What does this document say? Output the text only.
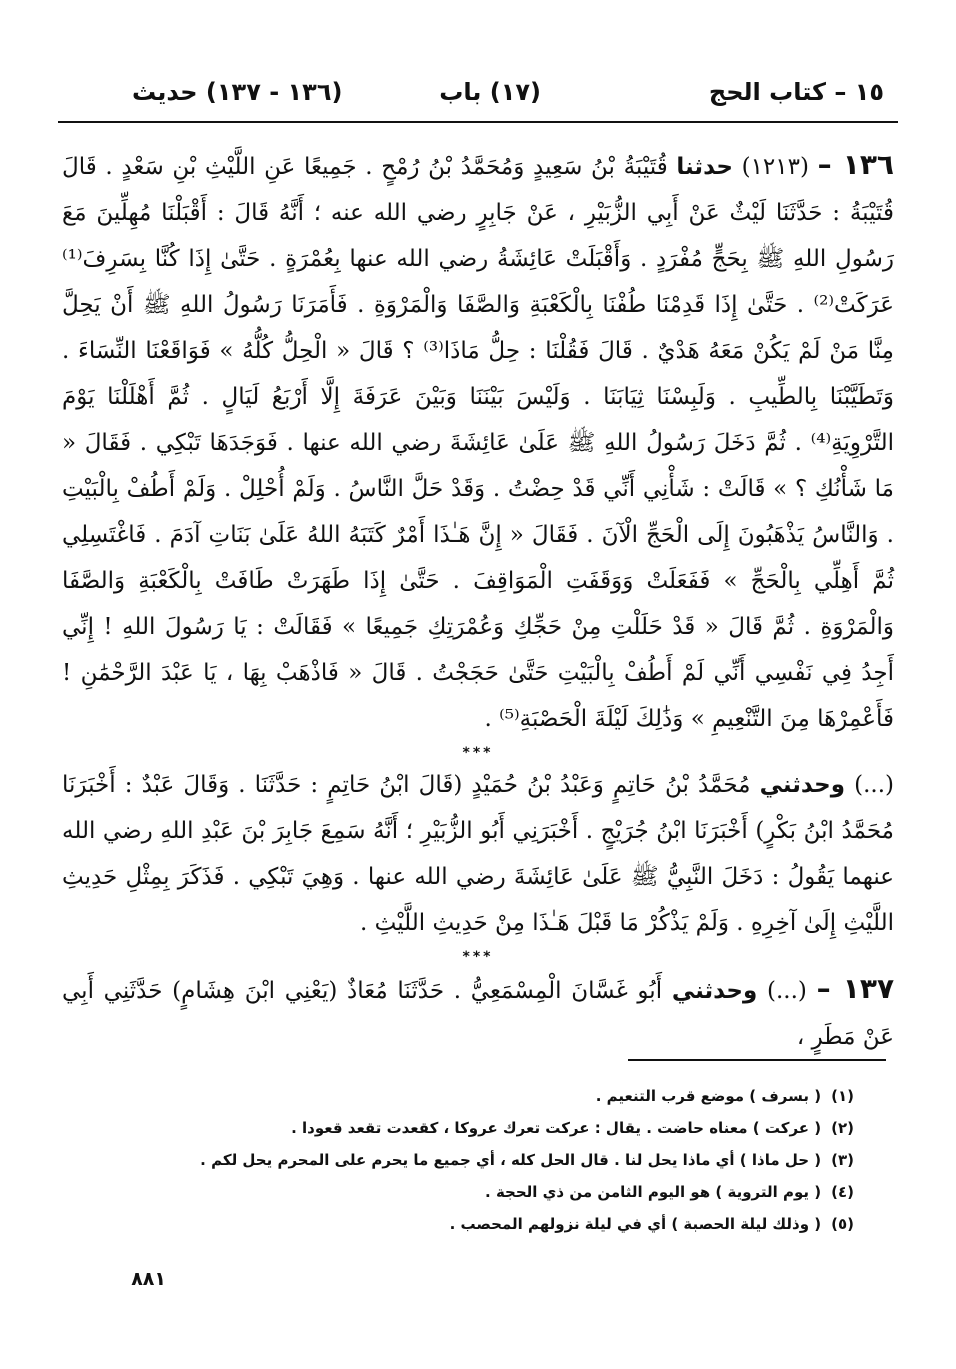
١٥ – كتاب الحج
(١٧) باب
(١٣٦ - ١٣٧) حديث

١٣٦ – (١٢١٣) حدثنا قُتَيْبَةُ بْنُ سَعِيدٍ وَمُحَمَّدُ بْنُ رُمْحٍ . جَمِيعًا عَنِ اللَّيْثِ بْنِ سَعْدٍ . قَالَ قُتَيْبَةُ : حَدَّثَنَا لَيْثٌ عَنْ أَبِي الزُّبَيْرِ ، عَنْ جَابِرٍ رضي الله عنه ؛ أَنَّهُ قَالَ : أَقْبَلْنَا مُهِلِّينَ مَعَ رَسُولِ اللهِ ﷺ بِحَجٍّ مُفْرَدٍ . وَأَقْبَلَتْ عَائِشَةُ رضي الله عنها بِعُمْرَةٍ . حَتَّىٰ إِذَا كُنَّا بِسَرِفَ⁽¹⁾ عَرَكَتْ⁽²⁾ . حَتَّىٰ إِذَا قَدِمْنَا طُفْنَا بِالْكَعْبَةِ وَالصَّفَا وَالْمَرْوَةِ . فَأَمَرَنَا رَسُولُ اللهِ ﷺ أَنْ يَحِلَّ مِنَّا مَنْ لَمْ يَكُنْ مَعَهُ هَدْيٌ . قَالَ فَقُلْنَا : حِلُّ مَاذَا⁽³⁾ ؟ قَالَ « الْحِلُّ كُلُّهُ » فَوَاقَعْنَا النِّسَاءَ . وَتَطَيَّبْنَا بِالطِّيبِ . وَلَبِسْنَا ثِيَابَنَا . وَلَيْسَ بَيْنَنَا وَبَيْنَ عَرَفَةَ إِلَّا أَرْبَعُ لَيَالٍ . ثُمَّ أَهْلَلْنَا يَوْمَ التَّرْوِيَةِ⁽⁴⁾ . ثُمَّ دَخَلَ رَسُولُ اللهِ ﷺ عَلَىٰ عَائِشَةَ رضي الله عنها . فَوَجَدَهَا تَبْكِي . فَقَالَ « مَا شَأْنُكِ ؟ » قَالَتْ : شَأْنِي أَنِّي قَدْ حِضْتُ . وَقَدْ حَلَّ النَّاسُ . وَلَمْ أُحْلِلْ . وَلَمْ أَطُفْ بِالْبَيْتِ . وَالنَّاسُ يَذْهَبُونَ إِلَى الْحَجِّ الْآنَ . فَقَالَ « إِنَّ هَـٰذَا أَمْرٌ كَتَبَهُ اللهُ عَلَىٰ بَنَاتِ آدَمَ . فَاغْتَسِلِي ثُمَّ أَهِلِّي بِالْحَجِّ » فَفَعَلَتْ وَوَقَفَتِ الْمَوَاقِفَ . حَتَّىٰ إِذَا طَهَرَتْ طَافَتْ بِالْكَعْبَةِ وَالصَّفَا وَالْمَرْوَةِ . ثُمَّ قَالَ « قَدْ حَلَلْتِ مِنْ حَجِّكِ وَعُمْرَتِكِ جَمِيعًا » فَقَالَتْ : يَا رَسُولَ اللهِ ! إِنِّي أَجِدُ فِي نَفْسِي أَنِّي لَمْ أَطُفْ بِالْبَيْتِ حَتَّىٰ حَجَجْتُ . قَالَ « فَاذْهَبْ بِهَا ، يَا عَبْدَ الرَّحْمَٰنِ ! فَأَعْمِرْهَا مِنَ التَّنْعِيمِ » وَذَٰلِكَ لَيْلَةَ الْحَصْبَةِ⁽⁵⁾ .

***

(...) وحدثني مُحَمَّدُ بْنُ حَاتِمٍ وَعَبْدُ بْنُ حُمَيْدٍ (قَالَ ابْنُ حَاتِمٍ : حَدَّثَنَا . وَقَالَ عَبْدٌ : أَخْبَرَنَا مُحَمَّدُ ابْنُ بَكْرٍ) أَخْبَرَنَا ابْنُ جُرَيْجٍ . أَخْبَرَنِي أَبُو الزُّبَيْرِ ؛ أَنَّهُ سَمِعَ جَابِرَ بْنَ عَبْدِ اللهِ رضي الله عنهما يَقُولُ : دَخَلَ النَّبِيُّ ﷺ عَلَىٰ عَائِشَةَ رضي الله عنها . وَهِيَ تَبْكِي . فَذَكَرَ بِمِثْلِ حَدِيثِ اللَّيْثِ إِلَىٰ آخِرِهِ . وَلَمْ يَذْكُرْ مَا قَبْلَ هَـٰذَا مِنْ حَدِيثِ اللَّيْثِ .

***

١٣٧ – (...) وحدثني أَبُو غَسَّانَ الْمِسْمَعِيُّ . حَدَّثَنَا مُعَاذٌ (يَعْنِي ابْنَ هِشَامٍ) حَدَّثَنِي أَبِي عَنْ مَطَرٍ ،

(١)( بسرف ) موضع قرب التنعيم .
(٢)( عركت ) معناه حاضت . يقال : عركت تعرك عروكا ، كقعدت تقعد قعودا .
(٣)( حل ماذا ) أي ماذا يحل لنا . قال الحل كله ، أي جميع ما يحرم على المحرم يحل لكم .
(٤)( يوم التروية ) هو اليوم الثامن من ذي الحجة .
(٥)( وذلك ليلة الحصبة ) أي في ليلة نزولهم المحصب .
٨٨١
